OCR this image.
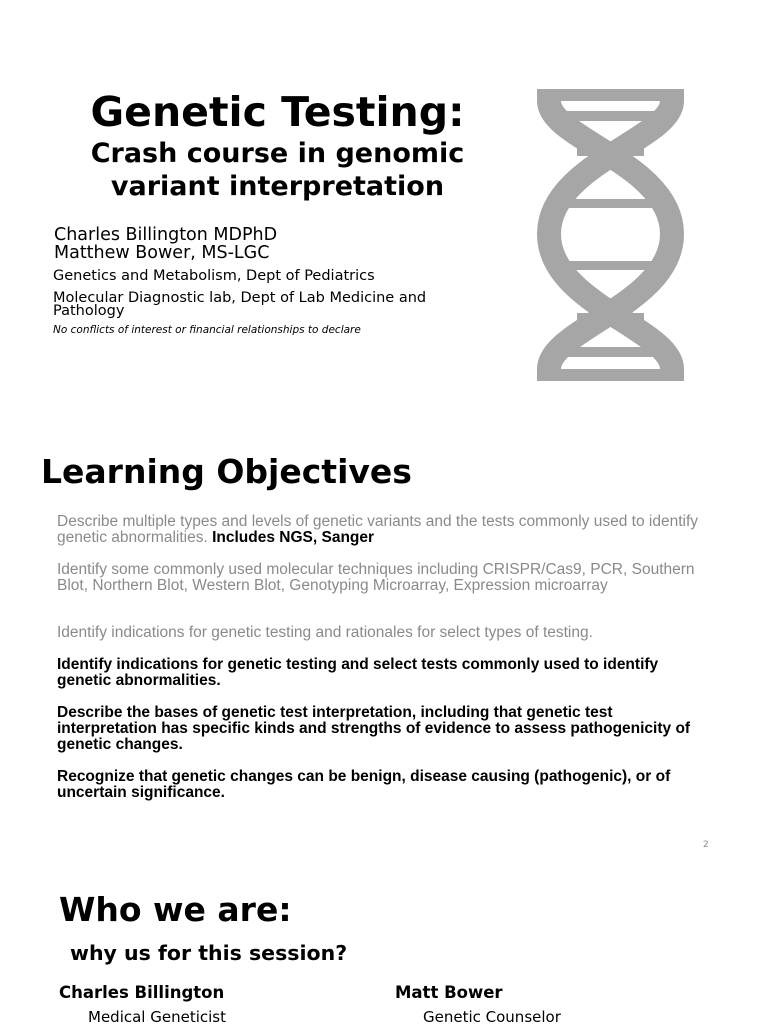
Genetic Testing:
Crash course in genomic
variant interpretation
Charles Billington MDPhD
Matthew Bower, MS-LGC
Genetics and Metabolism, Dept of Pediatrics
Molecular Diagnostic lab, Dept of Lab Medicine and Pathology
No conflicts of interest or financial relationships to declare
Learning Objectives

Describe multiple types and levels of genetic variants and the tests commonly used to identify genetic abnormalities. Includes NGS, Sanger

Identify some commonly used molecular techniques including CRISPR/Cas9, PCR, Southern Blot, Northern Blot, Western Blot, Genotyping Microarray, Expression microarray

Identify indications for genetic testing and rationales for select types of testing.

Identify indications for genetic testing and select tests commonly used to identify genetic abnormalities.

Describe the bases of genetic test interpretation, including that genetic test interpretation has specific kinds and strengths of evidence to assess pathogenicity of genetic changes.

Recognize that genetic changes can be benign, disease causing (pathogenic), or of uncertain significance.

2
Who we are:
why us for this session?
Charles Billington	Matt Bower
Medical Geneticist	Genetic Counselor
